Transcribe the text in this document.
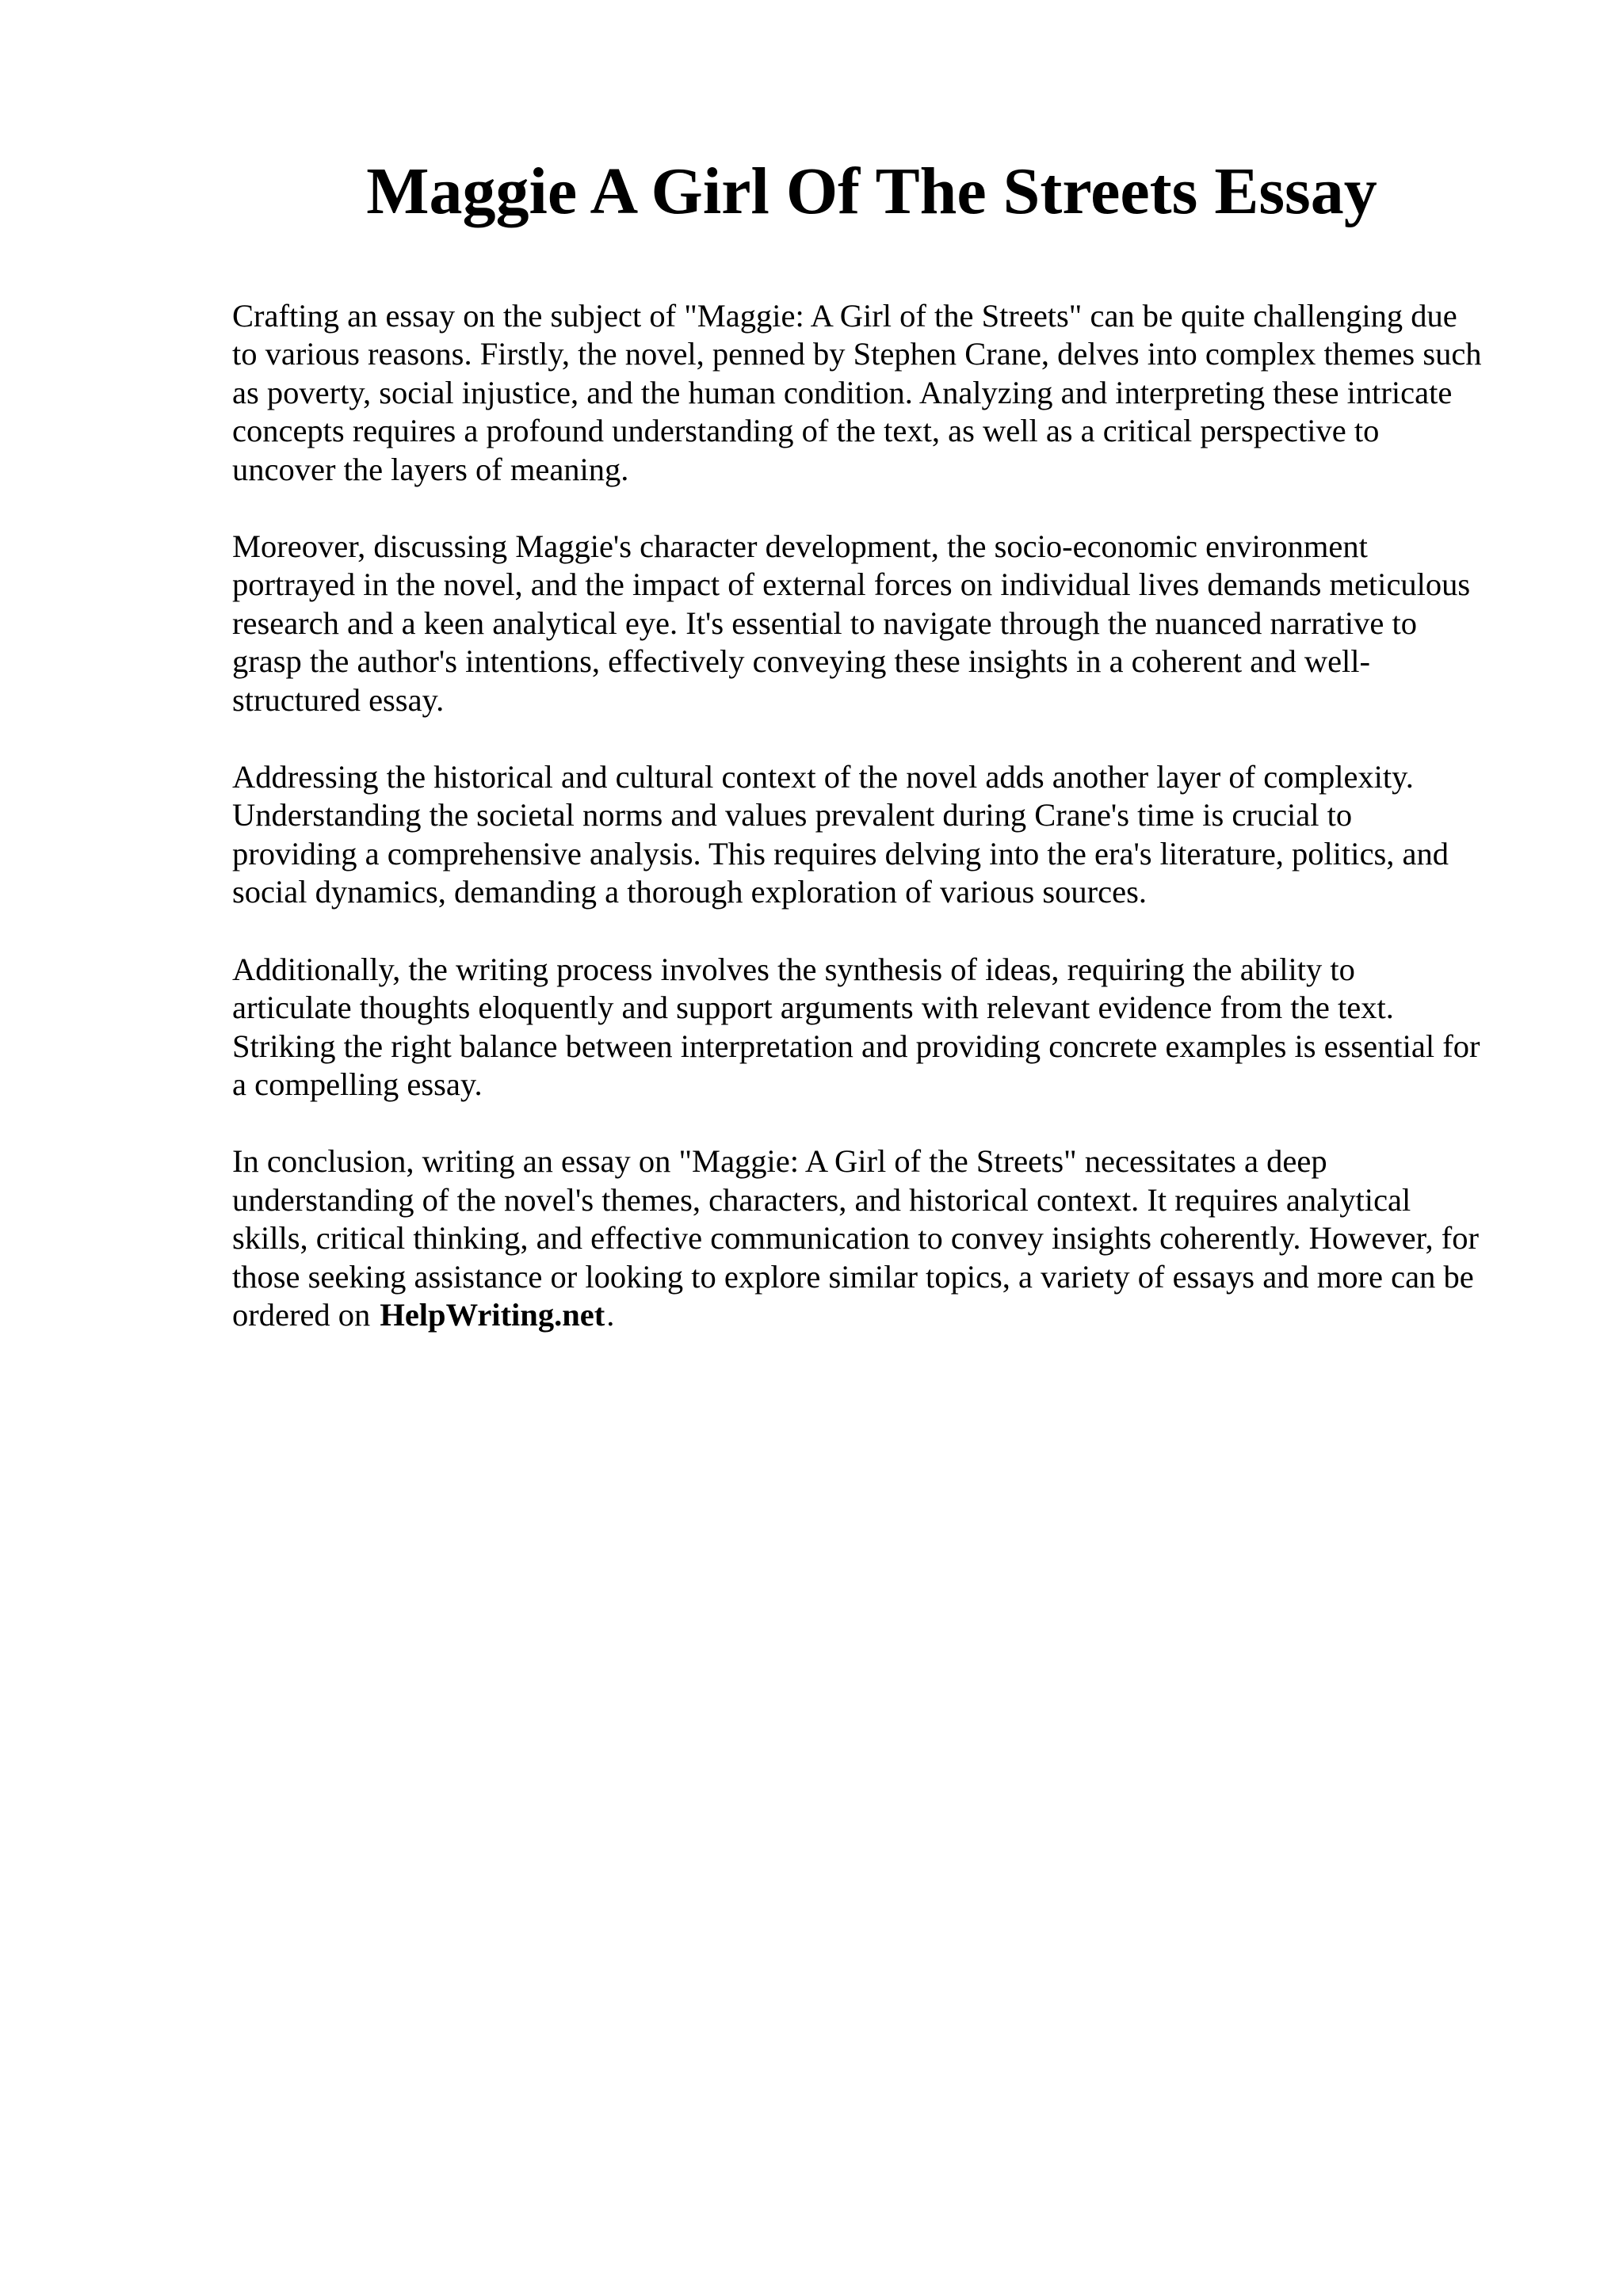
Maggie A Girl Of The Streets Essay

Crafting an essay on the subject of "Maggie: A Girl of the Streets" can be quite challenging due
to various reasons. Firstly, the novel, penned by Stephen Crane, delves into complex themes such
as poverty, social injustice, and the human condition. Analyzing and interpreting these intricate
concepts requires a profound understanding of the text, as well as a critical perspective to
uncover the layers of meaning.

Moreover, discussing Maggie's character development, the socio-economic environment
portrayed in the novel, and the impact of external forces on individual lives demands meticulous
research and a keen analytical eye. It's essential to navigate through the nuanced narrative to
grasp the author's intentions, effectively conveying these insights in a coherent and well-
structured essay.

Addressing the historical and cultural context of the novel adds another layer of complexity.
Understanding the societal norms and values prevalent during Crane's time is crucial to
providing a comprehensive analysis. This requires delving into the era's literature, politics, and
social dynamics, demanding a thorough exploration of various sources.

Additionally, the writing process involves the synthesis of ideas, requiring the ability to
articulate thoughts eloquently and support arguments with relevant evidence from the text.
Striking the right balance between interpretation and providing concrete examples is essential for
a compelling essay.

In conclusion, writing an essay on "Maggie: A Girl of the Streets" necessitates a deep
understanding of the novel's themes, characters, and historical context. It requires analytical
skills, critical thinking, and effective communication to convey insights coherently. However, for
those seeking assistance or looking to explore similar topics, a variety of essays and more can be
ordered on HelpWriting.net.
